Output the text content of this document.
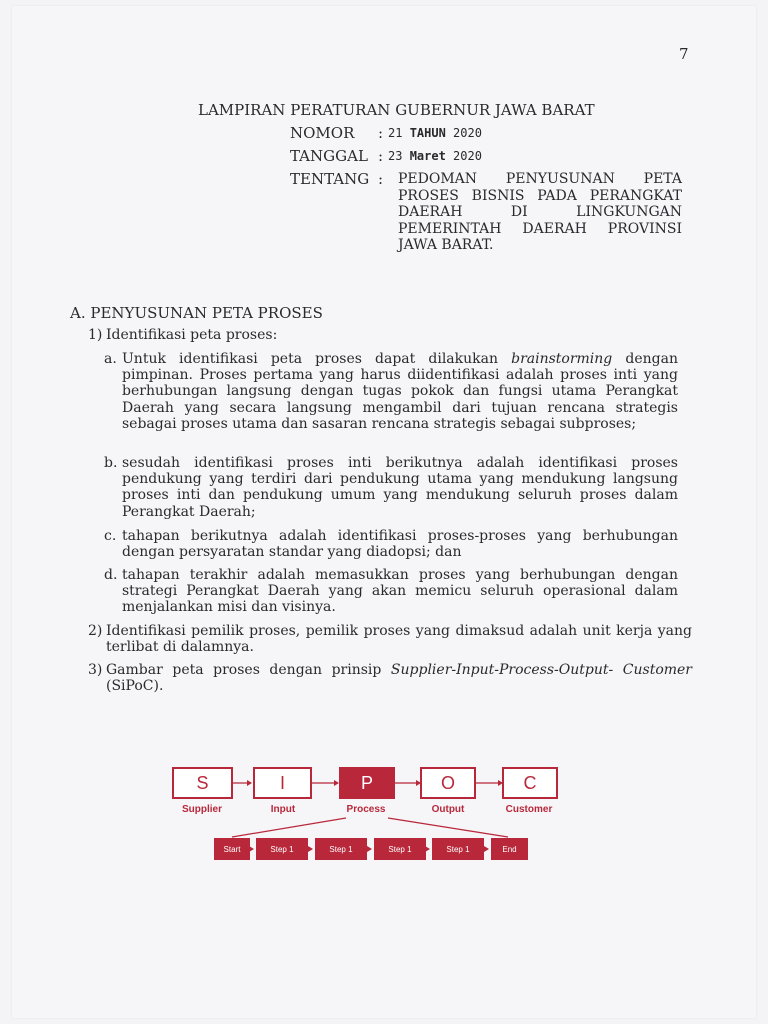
7
LAMPIRAN PERATURAN GUBERNUR JAWA BARAT
NOMOR : 21 TAHUN 2020
TANGGAL : 23 Maret 2020
TENTANG : PEDOMAN PENYUSUNAN PETA
PROSES BISNIS PADA PERANGKAT
DAERAH DI LINGKUNGAN
PEMERINTAH DAERAH PROVINSI
JAWA BARAT.
A. PENYUSUNAN PETA PROSES
1) Identifikasi peta proses:
a. Untuk identifikasi peta proses dapat dilakukan brainstorming dengan pimpinan. Proses pertama yang harus diidentifikasi adalah proses inti yang berhubungan langsung dengan tugas pokok dan fungsi utama Perangkat Daerah yang secara langsung mengambil dari tujuan rencana strategis sebagai proses utama dan sasaran rencana strategis sebagai subproses;
b. sesudah identifikasi proses inti berikutnya adalah identifikasi proses pendukung yang terdiri dari pendukung utama yang mendukung langsung proses inti dan pendukung umum yang mendukung seluruh proses dalam Perangkat Daerah;
c. tahapan berikutnya adalah identifikasi proses-proses yang berhubungan dengan persyaratan standar yang diadopsi; dan
d. tahapan terakhir adalah memasukkan proses yang berhubungan dengan strategi Perangkat Daerah yang akan memicu seluruh operasional dalam menjalankan misi dan visinya.
2) Identifikasi pemilik proses, pemilik proses yang dimaksud adalah unit kerja yang terlibat di dalamnya.
3) Gambar peta proses dengan prinsip Supplier-Input-Process-Output- Customer (SiPoC).
S	I	P	O	C
Supplier	Input	Process	Output	Customer
Start	Step 1	Step 1	Step 1	Step 1	End
